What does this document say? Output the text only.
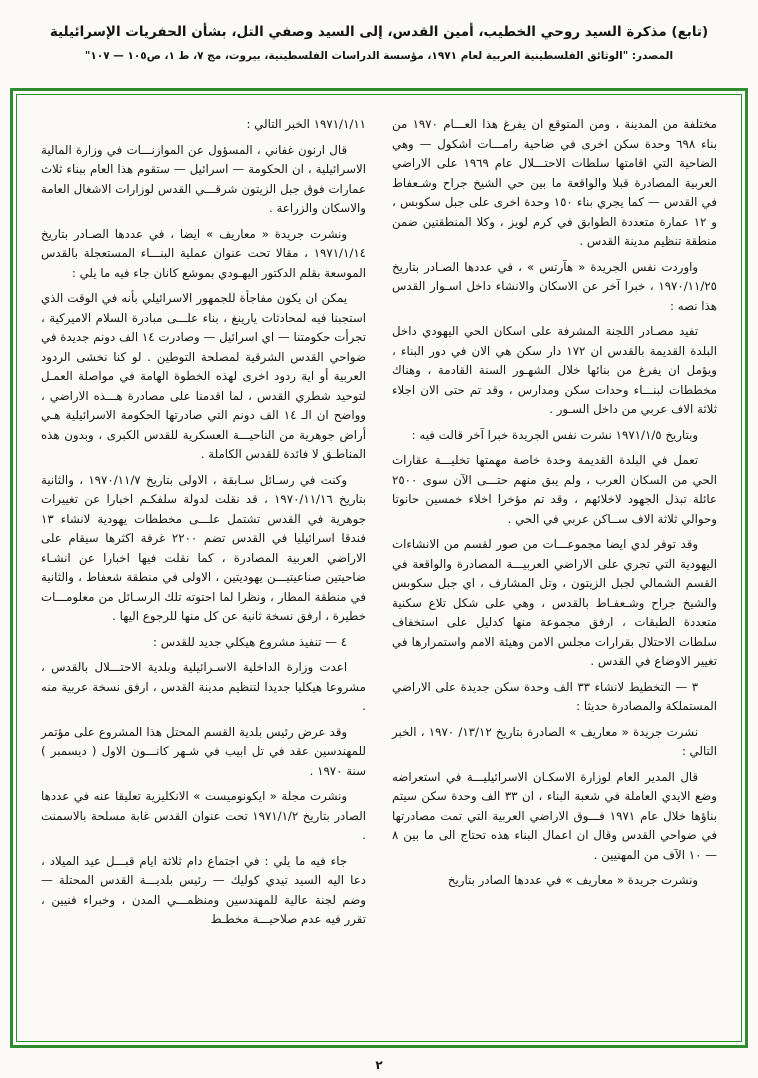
(تابع) مذكرة السيد روحي الخطيب، أمين القدس، إلى السيد وصفي التل، بشأن الحفريات الإسرائيلية
المصدر: "الوثائق الفلسطينية العربية لعام ١٩٧١، مؤسسة الدراسات الفلسطينية، بيروت، مج ٧، ط ١، ص١٠٥ — ١٠٧"

مختلفة من المدينة ، ومن المتوقع ان يفرغ هذا العـــام ١٩٧٠ من بناء ٦٩٨ وحدة سكن اخرى في ضاحية رامـــات اشكول — وهي الضاحية التي اقامتها سلطات الاحتـــلال عام ١٩٦٩ على الاراضي العربية المصادرة قبلا والواقعة ما بين حي الشيخ جراح وشـعفاط في القدس — كما يجري بناء ١٥٠ وحدة اخرى على جبل سكوبس ، و ١٢ عمارة متعددة الطوابق في كرم لويز ، وكلا المنطقتين ضمن منطقة تنظيم مدينة القدس .

واوردت نفس الجريدة « هآرتس » ، في عددها الصـادر بتاريخ ١٩٧٠/١١/٢٥ ، خبرا آخر عن الاسكان والانشاء داخل اسـوار القدس هذا نصه :

تفيد مصـادر اللجنة المشرفة على اسكان الحي اليهودي داخل البلدة القديمة بالقدس ان ١٧٢ دار سكن هي الان في دور البناء ، ويؤمل ان يفرغ من بنائها خلال الشهـور السنة القادمة ، وهناك مخططات لبنـــاء وحدات سكن ومدارس ، وقد تم حتى الان اجلاء ثلاثة الاف عربي من داخل السـور .

وبتاريخ ١٩٧١/١/٥ نشرت نفس الجريدة خبرا آخر قالت فيه :

تعمل في البلدة القديمة وحدة خاصة مهمتها تخليـــة عقارات الحي من السكان العرب ، ولم يبق منهم حتـــى الآن سوى ٢٥٠٠ عائلة تبذل الجهود لاخلائهم ، وقد تم مؤخرا اخلاء خمسين حانوتا وحوالي ثلاثة الاف ســاكن عربي في الحي .

وقد توفر لدي ايضا مجموعـــات من صور لقسم من الانشاءات اليهودية التي تجري على الاراضي العربيـــة المصادرة والواقعة في القسم الشمالي لجبل الزيتون ، وتل المشارف ، اي جبل سكوبس والشيخ جراح وشـعفـاط بالقدس ، وهي على شكل تلاع سكنية متعددة الطبقات ، ارفق مجموعة منها كدليل على استخفاف سلطات الاحتلال بقرارات مجلس الامن وهيئة الامم واستمرارها في تغيير الاوضاع في القدس .

٣ — التخطيط لانشاء ٣٣ الف وحدة سكن جديدة على الاراضي المستملكة والمصادرة حديثا :

نشرت جريدة « معاريف » الصادرة بتاريخ ١٣/١٢/ ١٩٧٠ ، الخبر التالي :

قال المدير العام لوزارة الاسكـان الاسرائيليـــة في استعراضه وضع الايدي العاملة في شعبة البناء ، ان ٣٣ الف وحدة سكن سيتم بناؤها خلال عام ١٩٧١ فـــوق الاراضي العربية التي تمت مصادرتها في ضواحي القدس وقال ان اعمال البناء هذه تحتاج الى ما بين ٨ — ١٠ الآف من المهنيين .

ونشرت جريدة « معاريف » في عددها الصادر بتاريخ

١٩٧١/١/١١ الخبر التالي :

قال ارنون غفاني ، المسؤول عن الموازنـــات في وزارة المالية الاسرائيلية ، ان الحكومة — اسرائيل — ستقوم هذا العام ببناء ثلاث عمارات فوق جبل الزيتون شرقـــي القدس لوزارات الاشغال العامة والاسكان والزراعة .

ونشرت جريدة « معاريف » ايضا ، في عددها الصـادر بتاريخ ١٩٧١/١/١٤ ، مقالا تحت عنوان عملية البنـــاء المستعجلة بالقدس الموسعة بقلم الدكتور اليهـودي بموشع كانان جاء فيه ما يلي :

يمكن ان يكون مفاجأة للجمهور الاسرائيلي بأنه في الوقت الذي استجبنا فيه لمحادثات يارينغ ، بناء علـــى مبادرة السلام الاميركية ، تجرأت حكومتنا — اي اسرائيل — وصادرت ١٤ الف دونم جديدة في ضواحي القدس الشرقية لمصلحة التوطين . لو كنا نخشى الردود العربية أو اية ردود اخرى لهذه الخطوة الهامة في مواصلة العمـل لتوحيد شطري القدس ، لما اقدمنا على مصادرة هـــذه الاراضي ، وواضح ان الـ ١٤ الف دونم التي صادرتها الحكومة الاسرائيلية هـي أراض جوهرية من الناحيـــة العسكرية للقدس الكبرى ، وبدون هذه المناطـق لا فائدة للقدس الكاملة .

وكنت في رسـائل سـابقة ، الاولى بتاريخ ١٩٧٠/١١/٧ ، والثانية بتاريخ ١٩٧٠/١١/١٦ ، قد نقلت لدولة سلفكـم اخبارا عن تغييرات جوهرية في القدس تشتمل علـــى مخططات يهودية لانشاء ١٣ فندقا اسرائيليا في القدس تضم ٢٢٠٠ غرفة اكثرها سيقام على الاراضي العربية المصادرة ، كما نقلت فيها اخبارا عن انشـاء ضاحيتين صناعيتيـــن يهوديتين ، الاولى في منطقة شعفاط ، والثانية في منطقة المطار ، ونظرا لما احتوته تلك الرسـائل من معلومـــات خطيرة ، ارفق نسخة ثانية عن كل منها للرجوع اليها .

٤ — تنفيذ مشروع هيكلي جديد للقدس :

اعدت وزارة الداخلية الاسـرائيلية وبلدية الاحتـــلال بالقدس ، مشروعا هيكليا جديدا لتنظيم مدينة القدس ، ارفق نسخة عربية منه .

وقد عرض رئيس بلدية القسم المحتل هذا المشروع على مؤتمر للمهندسين عقد في تل ابيب في شـهر كانـــون الاول ( ديسمبر ) سنة ١٩٧٠ .

ونشرت مجلة « ايكونوميست » الانكليزية تعليقا عنه في عددها الصادر بتاريخ ١٩٧١/١/٢ تحت عنوان القدس غابة مسلحة بالاسمنت .

جاء فيه ما يلي : في اجتماع دام ثلاثة ايام قبـــل عيد الميلاد ، دعا اليه السيد تيدي كوليك — رئيس بلديـــة القدس المحتلة — وضم لجنة عالية للمهندسين ومنظمـــي المدن ، وخبراء فنيين ، تقرر فيه عدم صلاحيـــة مخطـط

٢
